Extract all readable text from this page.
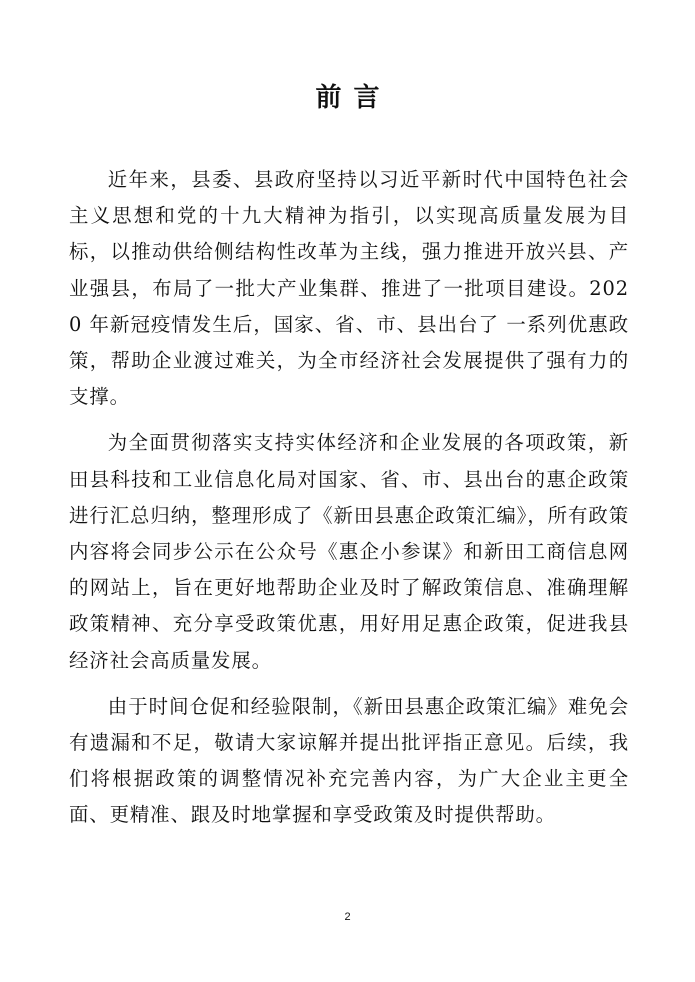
前言

近年来，县委、县政府坚持以习近平新时代中国特色社会主义思想和党的十九大精神为指引，以实现高质量发展为目标，以推动供给侧结构性改革为主线，强力推进开放兴县、产业强县，布局了一批大产业集群、推进了一批项目建设。2020 年新冠疫情发生后，国家、省、市、县出台了 一系列优惠政策，帮助企业渡过难关，为全市经济社会发展提供了强有力的支撑。

为全面贯彻落实支持实体经济和企业发展的各项政策，新田县科技和工业信息化局对国家、省、市、县出台的惠企政策进行汇总归纳，整理形成了《新田县惠企政策汇编》，所有政策内容将会同步公示在公众号《惠企小参谋》和新田工商信息网的网站上，旨在更好地帮助企业及时了解政策信息、准确理解政策精神、充分享受政策优惠，用好用足惠企政策，促进我县经济社会高质量发展。

由于时间仓促和经验限制，《新田县惠企政策汇编》难免会有遗漏和不足，敬请大家谅解并提出批评指正意见。后续，我们将根据政策的调整情况补充完善内容，为广大企业主更全面、更精准、跟及时地掌握和享受政策及时提供帮助。

2
